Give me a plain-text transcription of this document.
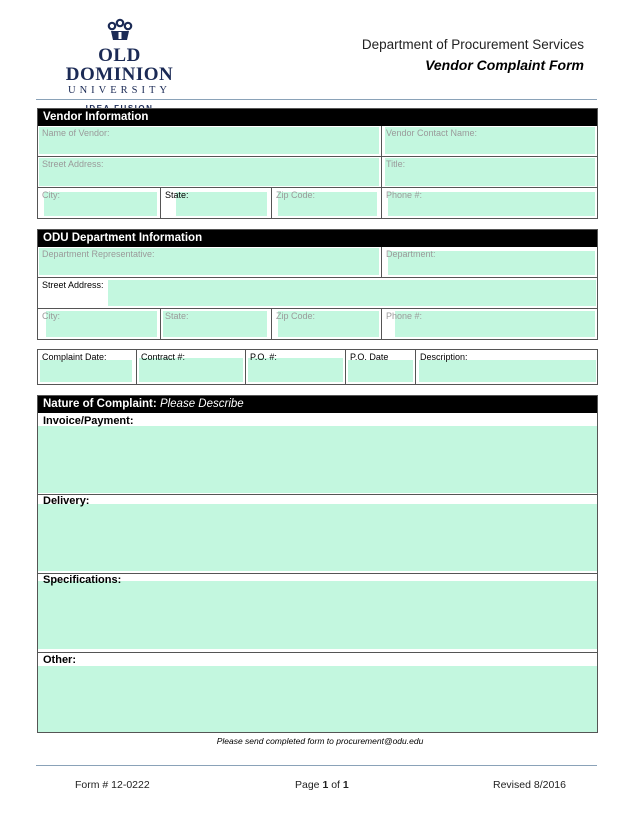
OLD DOMINION
UNIVERSITY
Department of Procurement Services
Vendor Complaint Form
Vendor Information
Name of Vendor:	Vendor Contact Name:
Street Address:	Title:
City:	State:	Zip Code:	Phone #:
ODU Department Information
Department Representative:	Department:
Street Address:
City:	State:	Zip Code:	Phone #:
Complaint Date:	Contract #:	P.O. #:	P.O. Date	Description:
Nature of Complaint: Please Describe
Invoice/Payment:
Delivery:
Specifications:
Other:
Please send completed form to procurement@odu.edu
Form # 12-0222	Page 1 of 1	Revised 8/2016
